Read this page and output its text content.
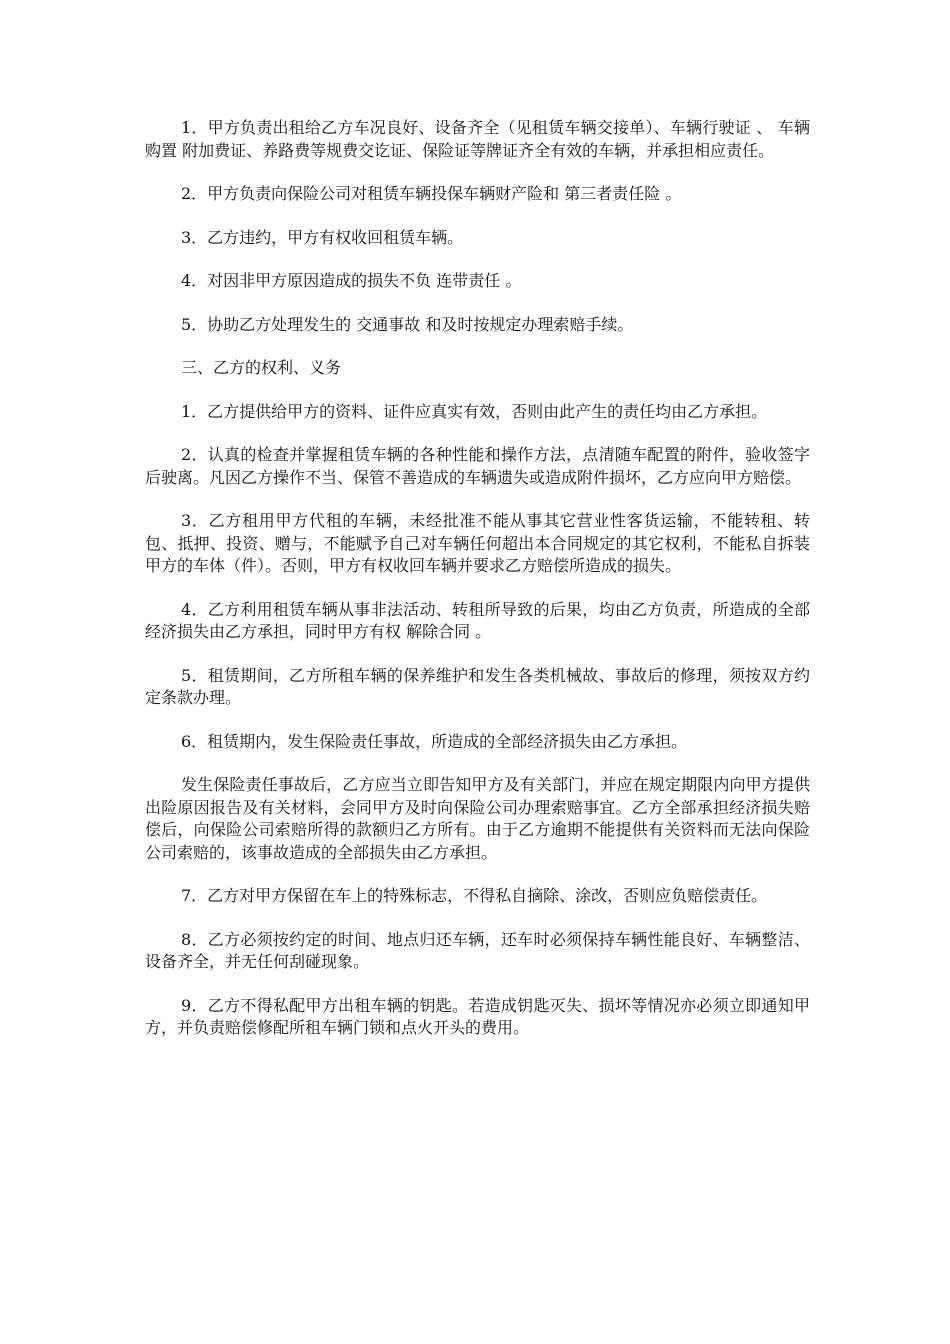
1．甲方负责出租给乙方车况良好、设备齐全（见租赁车辆交接单）、车辆行驶证 、 车辆购置 附加费证、养路费等规费交讫证、保险证等牌证齐全有效的车辆，并承担相应责任。

2．甲方负责向保险公司对租赁车辆投保车辆财产险和 第三者责任险 。

3．乙方违约，甲方有权收回租赁车辆。

4．对因非甲方原因造成的损失不负 连带责任 。

5．协助乙方处理发生的 交通事故 和及时按规定办理索赔手续。

三、乙方的权利、义务

1．乙方提供给甲方的资料、证件应真实有效，否则由此产生的责任均由乙方承担。

2．认真的检查并掌握租赁车辆的各种性能和操作方法，点清随车配置的附件，验收签字后驶离。凡因乙方操作不当、保管不善造成的车辆遗失或造成附件损坏，乙方应向甲方赔偿。

3．乙方租用甲方代租的车辆，未经批准不能从事其它营业性客货运输，不能转租、转包、抵押、投资、赠与，不能赋予自己对车辆任何超出本合同规定的其它权利，不能私自拆装甲方的车体（件）。否则，甲方有权收回车辆并要求乙方赔偿所造成的损失。

4．乙方利用租赁车辆从事非法活动、转租所导致的后果，均由乙方负责，所造成的全部经济损失由乙方承担，同时甲方有权 解除合同 。

5．租赁期间，乙方所租车辆的保养维护和发生各类机械故、事故后的修理，须按双方约定条款办理。

6．租赁期内，发生保险责任事故，所造成的全部经济损失由乙方承担。

发生保险责任事故后，乙方应当立即告知甲方及有关部门，并应在规定期限内向甲方提供出险原因报告及有关材料，会同甲方及时向保险公司办理索赔事宜。乙方全部承担经济损失赔偿后，向保险公司索赔所得的款额归乙方所有。由于乙方逾期不能提供有关资料而无法向保险公司索赔的，该事故造成的全部损失由乙方承担。

7．乙方对甲方保留在车上的特殊标志，不得私自摘除、涂改，否则应负赔偿责任。

8．乙方必须按约定的时间、地点归还车辆，还车时必须保持车辆性能良好、车辆整洁、设备齐全，并无任何刮碰现象。

9．乙方不得私配甲方出租车辆的钥匙。若造成钥匙灭失、损坏等情况亦必须立即通知甲方，并负责赔偿修配所租车辆门锁和点火开头的费用。
